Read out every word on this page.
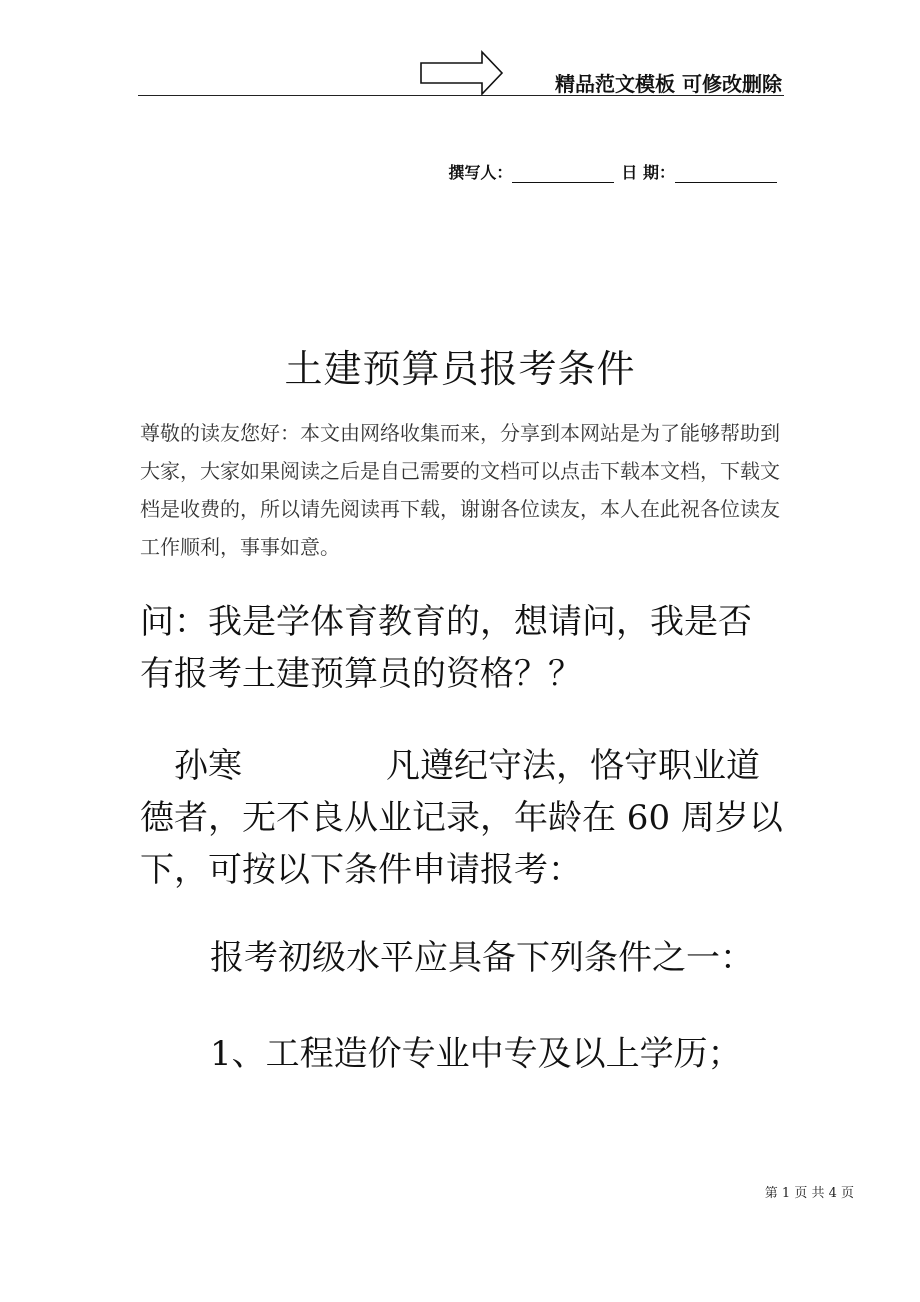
精品范文模板 可修改删除
撰写人：	日 期：
土建预算员报考条件
尊敬的读友您好：本文由网络收集而来，分享到本网站是为了能够帮助到大家，大家如果阅读之后是自己需要的文档可以点击下载本文档，下载文档是收费的，所以请先阅读再下载，谢谢各位读友，本人在此祝各位读友工作顺利，事事如意。
问：我是学体育教育的，想请问，我是否有报考土建预算员的资格？？
孙寒	凡遵纪守法，恪守职业道德者，无不良从业记录，年龄在 60 周岁以下，可按以下条件申请报考：
报考初级水平应具备下列条件之一：
1、工程造价专业中专及以上学历；
第 1 页 共 4 页
